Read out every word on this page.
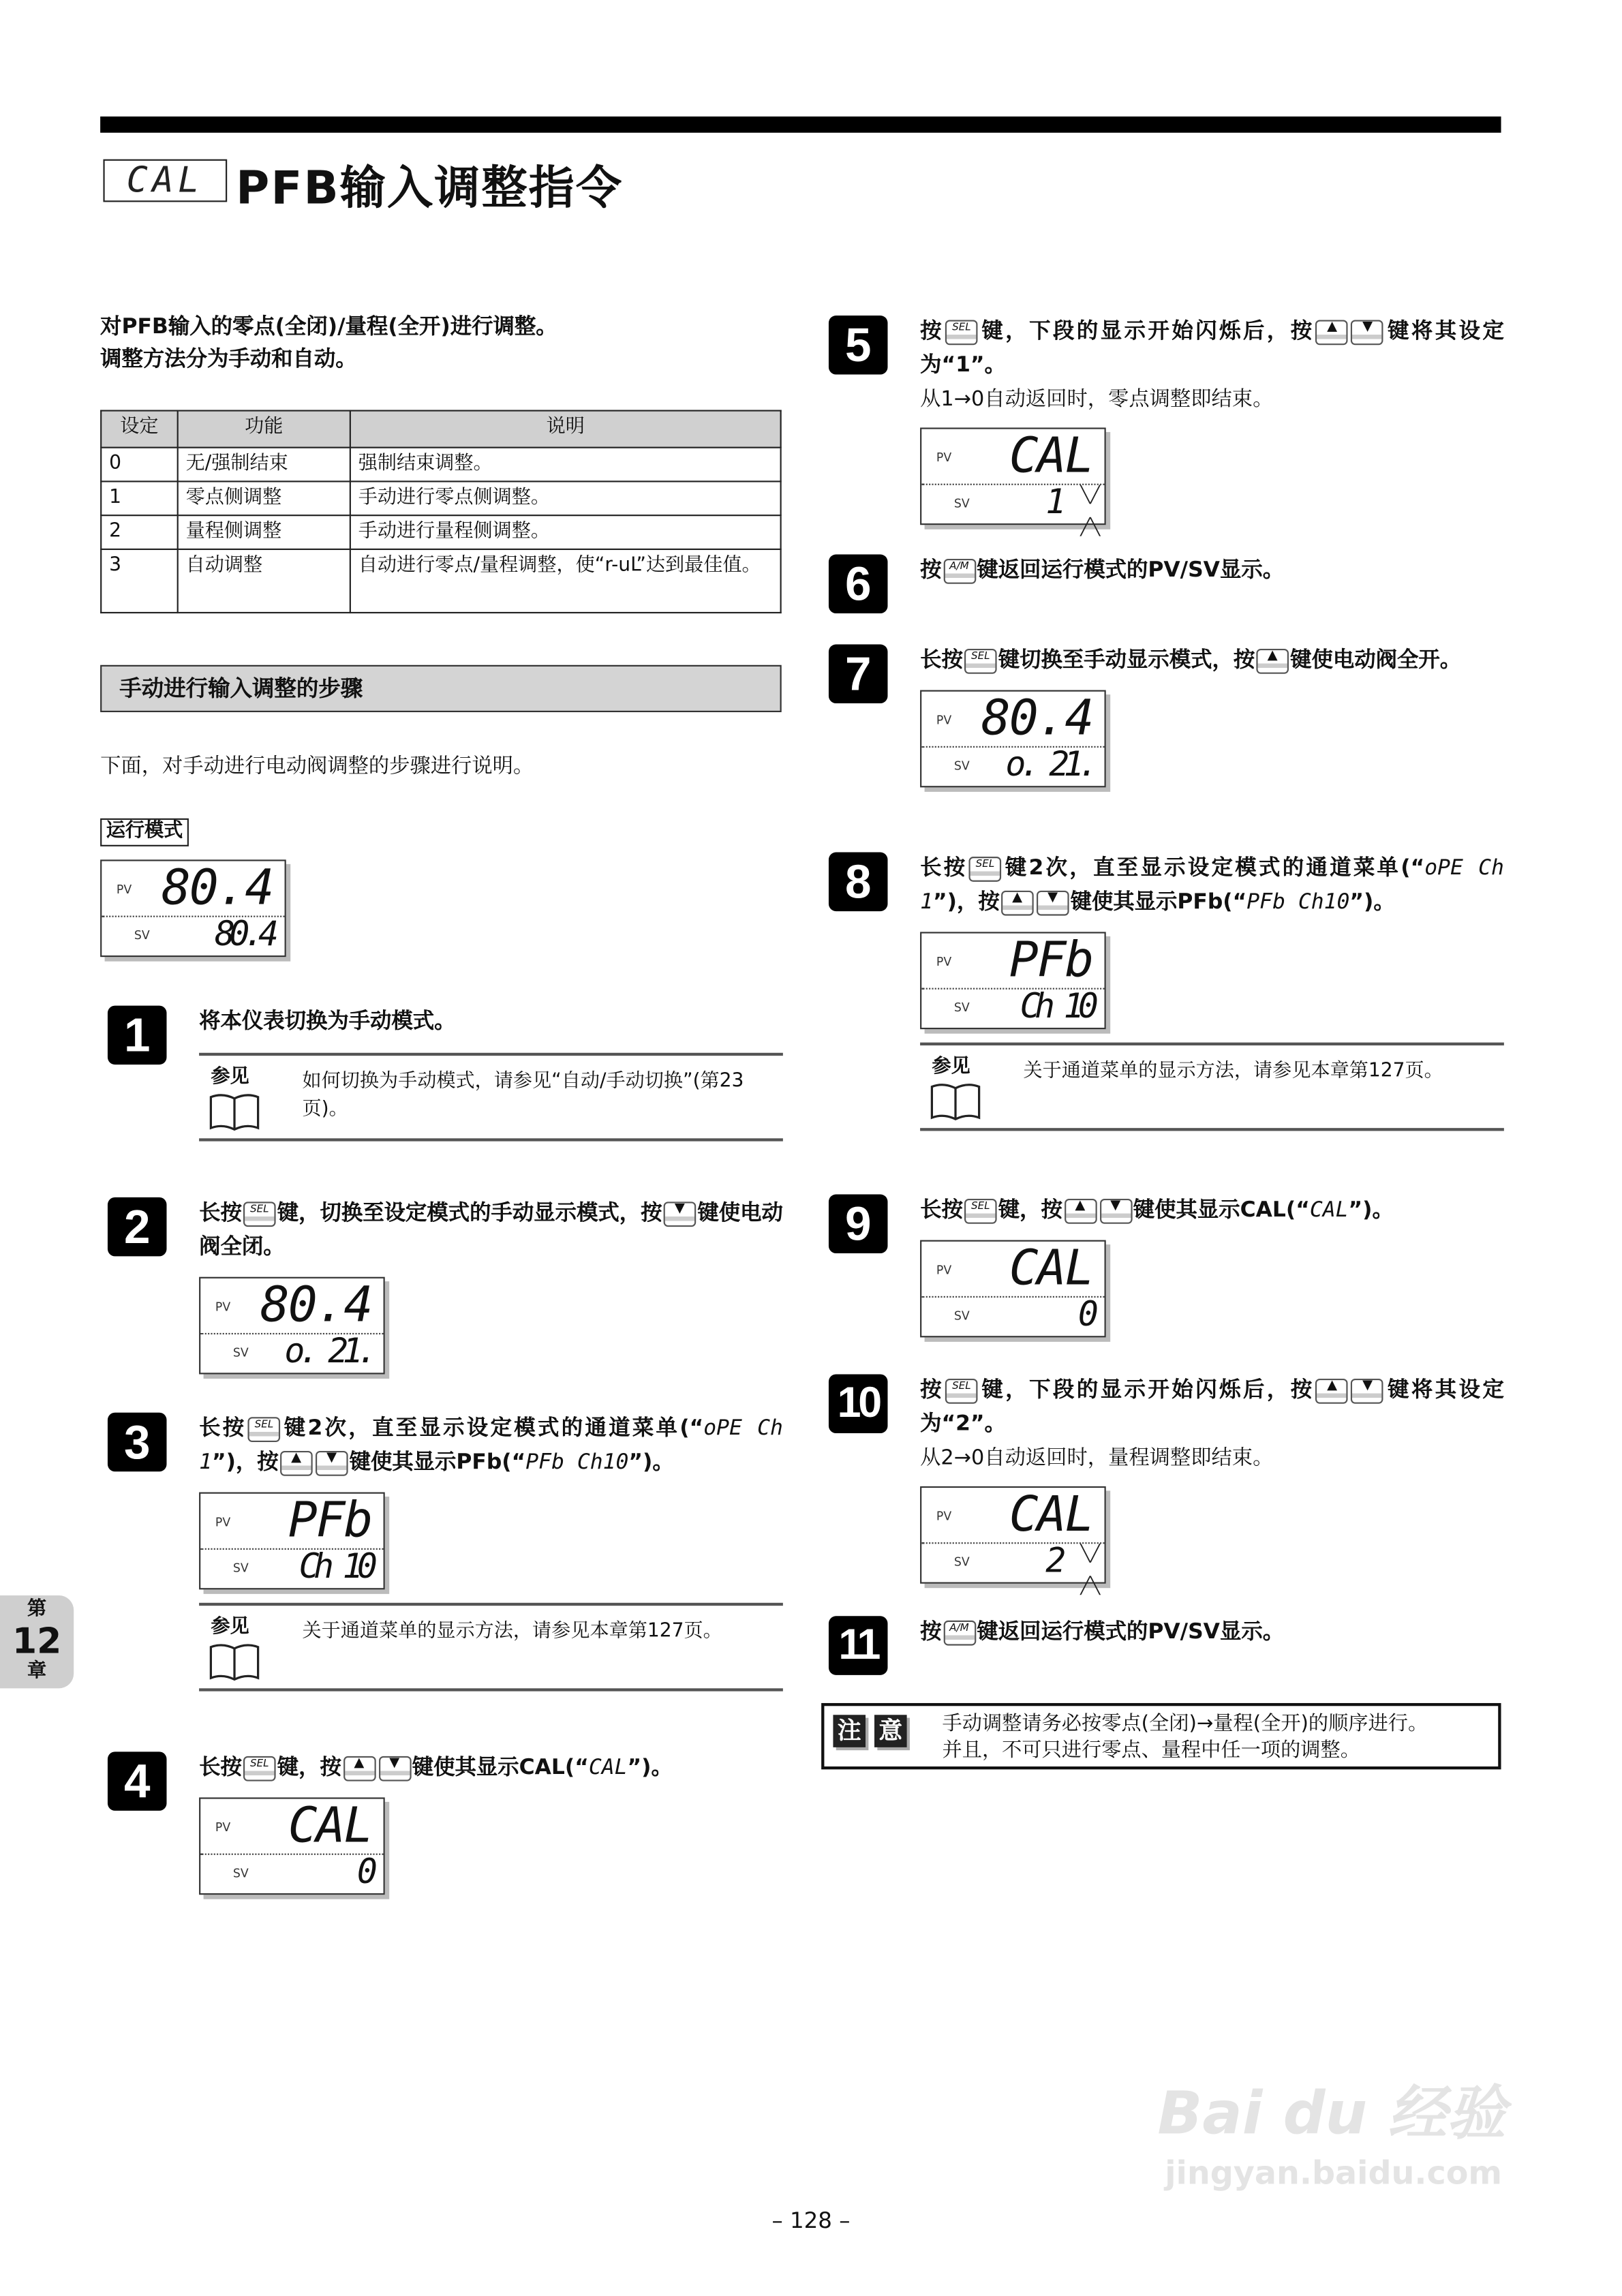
CAL	PFB输入调整指令
对PFB输入的零点(全闭)/量程(全开)进行调整。
调整方法分为手动和自动。
设定	功能	说明
0	无/强制结束	强制结束调整。
1	零点侧调整	手动进行零点侧调整。
2	量程侧调整	手动进行量程侧调整。
3	自动调整	自动进行零点/量程调整，使“r-uL”达到最佳值。
手动进行输入调整的步骤
下面，对手动进行电动阀调整的步骤进行说明。
运行模式
PV 80.4
SV	80.4
1	将本仪表切换为手动模式。
参见	如何切换为手动模式，请参见“自动/手动切换”(第23页)。
2	长按 SEL 键，切换至设定模式的手动显示模式，按 ▼ 键使电动阀全闭。
PV 80.4
SV o. 21.
3	长按 SEL 键2次，直至显示设定模式的通道菜单(“oPE Ch 1”)，按 ▲	▼ 键使其显示PFb(“PFb Ch10”)。
PV	PFb
SV	Ch 10
参见	关于通道菜单的显示方法，请参见本章第127页。
4	长按 SEL 键，按 ▲	▼ 键使其显示CAL(“CAL”)。
PV	CAL
SV	0
5	按 SEL 键，下段的显示开始闪烁后，按 ▲	▼ 键将其设定为“1”。
从1→0自动返回时，零点调整即结束。
PV	CAL
SV	1 ╲╱

╱╲
6	按 A/M 键返回运行模式的PV/SV显示。
7	长按 SEL 键切换至手动显示模式，按 ▲ 键使电动阀全开。
PV 80.4
SV o. 21.
8	长按 SEL 键2次，直至显示设定模式的通道菜单(“oPE Ch 1”)，按 ▲	▼ 键使其显示PFb(“PFb Ch10”)。
PV	PFb
SV	Ch 10
参见	关于通道菜单的显示方法，请参见本章第127页。
9	长按 SEL 键，按 ▲	▼ 键使其显示CAL(“CAL”)。
PV	CAL
SV	0
10	按 SEL 键，下段的显示开始闪烁后，按 ▲	▼ 键将其设定为“2”。
从2→0自动返回时，量程调整即结束。
PV	CAL
SV	2 ╲╱

╱╲
11	按 A/M 键返回运行模式的PV/SV显示。
注	意	手动调整请务必按零点(全闭)→量程(全开)的顺序进行。
并且，不可只进行零点、量程中任一项的调整。
第
12
章
– 128 –
Bai du 经验
jingyan.baidu.com
